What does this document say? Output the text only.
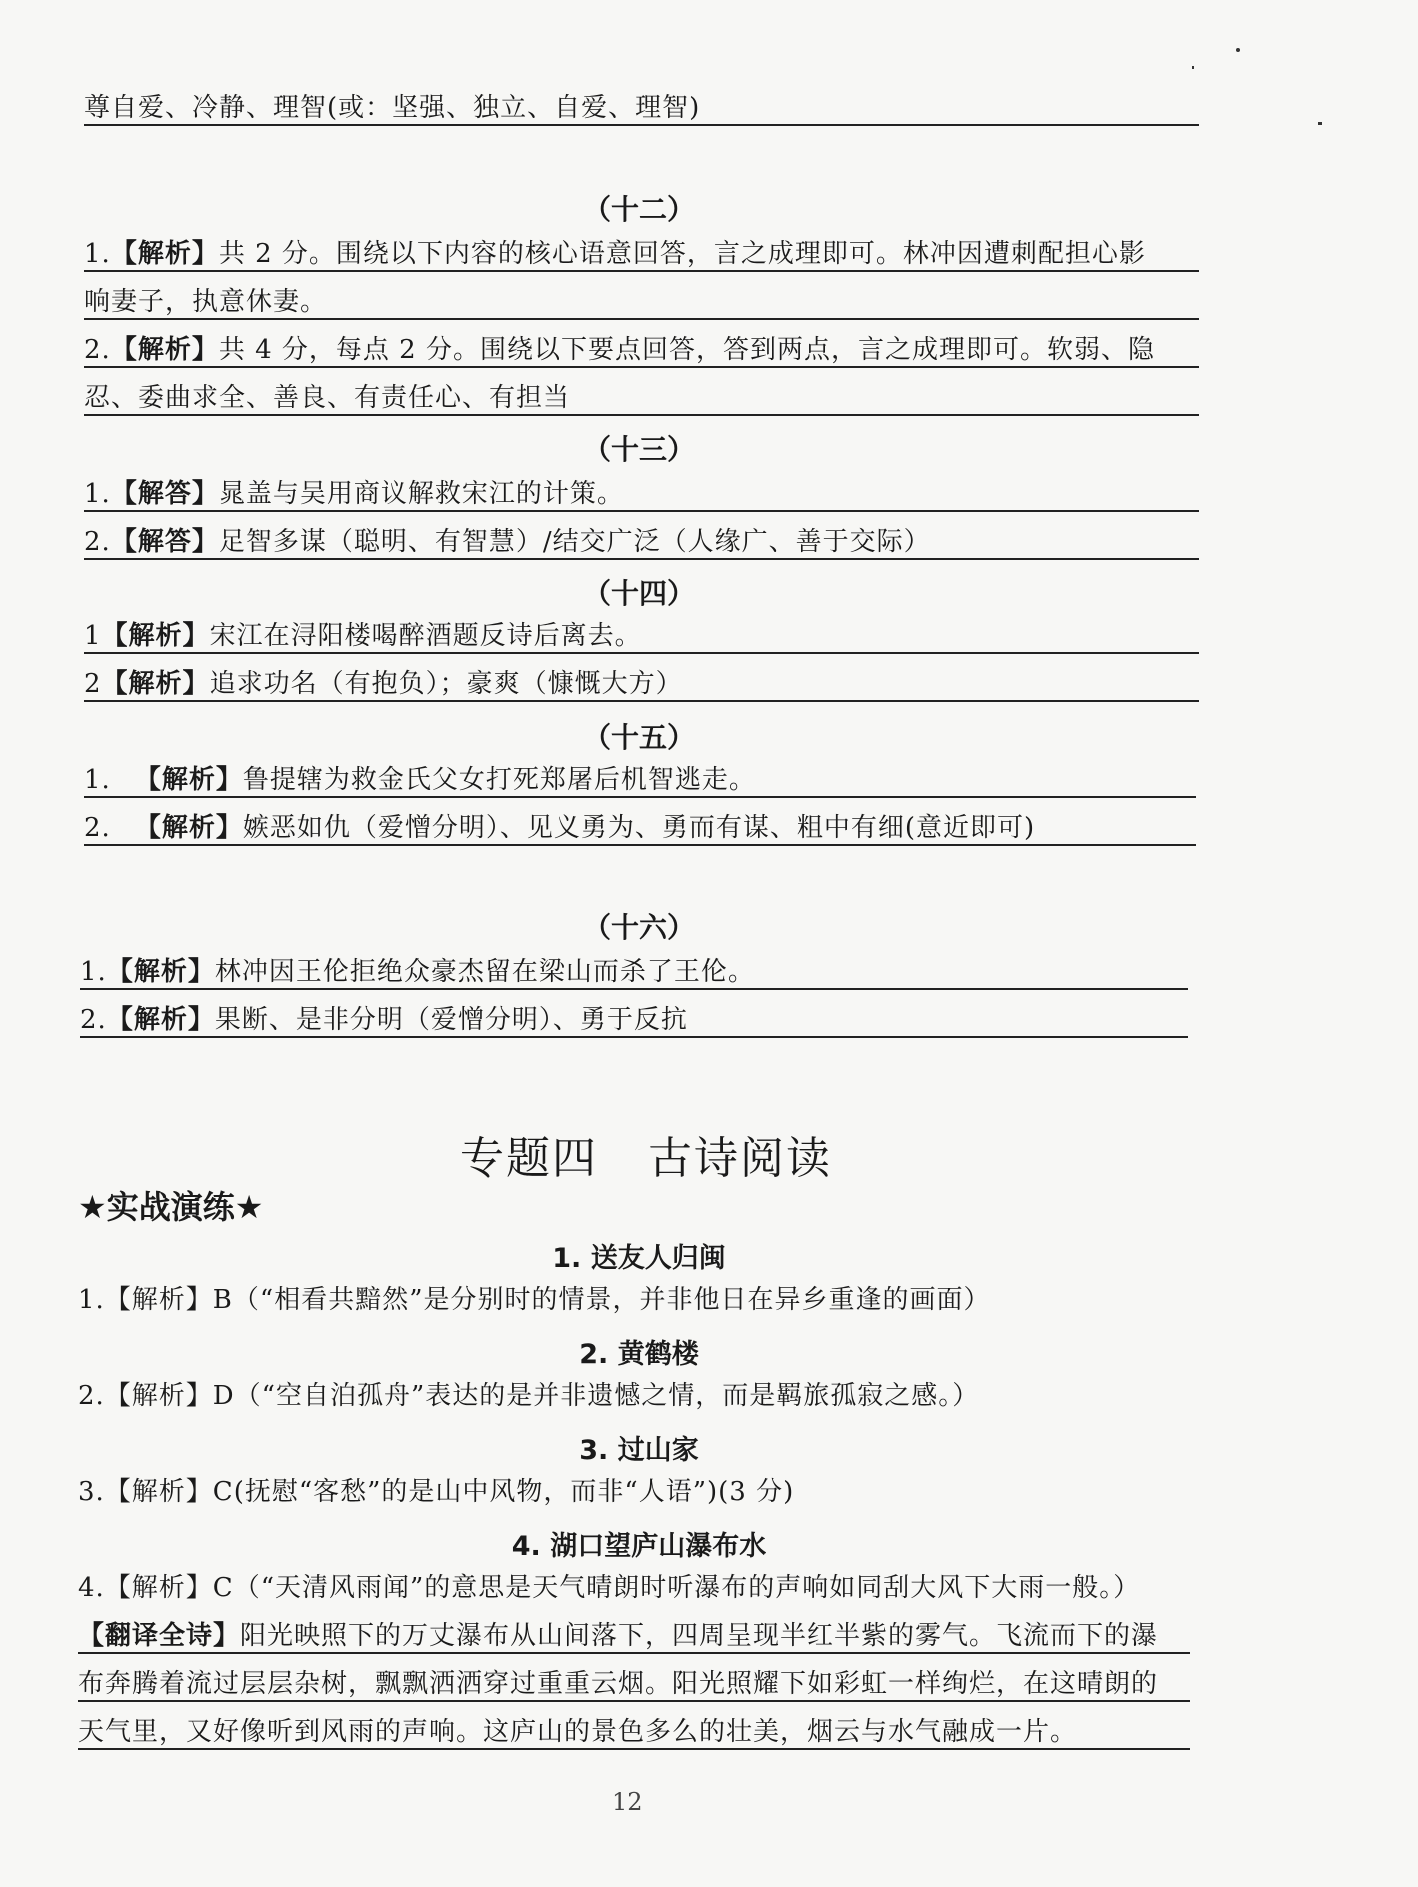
尊自爱、冷静、理智(或：坚强、独立、自爱、理智)
（十二）
1.【解析】共 2 分。围绕以下内容的核心语意回答，言之成理即可。林冲因遭刺配担心影
响妻子，执意休妻。
2.【解析】共 4 分，每点 2 分。围绕以下要点回答，答到两点，言之成理即可。软弱、隐
忍、委曲求全、善良、有责任心、有担当
（十三）
1.【解答】晁盖与吴用商议解救宋江的计策。
2.【解答】足智多谋（聪明、有智慧）/结交广泛（人缘广、善于交际）
（十四）
1【解析】宋江在浔阳楼喝醉酒题反诗后离去。
2【解析】追求功名（有抱负）；豪爽（慷慨大方）
（十五）
1. 【解析】鲁提辖为救金氏父女打死郑屠后机智逃走。
2. 【解析】嫉恶如仇（爱憎分明）、见义勇为、勇而有谋、粗中有细(意近即可)
（十六）
1.【解析】林冲因王伦拒绝众豪杰留在梁山而杀了王伦。
2.【解析】果断、是非分明（爱憎分明）、勇于反抗
专题四 古诗阅读
★实战演练★
1. 送友人归闽
1.【解析】B（“相看共黯然”是分别时的情景，并非他日在异乡重逢的画面）
2. 黄鹤楼
2.【解析】D（“空自泊孤舟”表达的是并非遗憾之情，而是羁旅孤寂之感。）
3. 过山家
3.【解析】C(抚慰“客愁”的是山中风物，而非“人语”)(3 分)
4. 湖口望庐山瀑布水
4.【解析】C（“天清风雨闻”的意思是天气晴朗时听瀑布的声响如同刮大风下大雨一般。）
【翻译全诗】阳光映照下的万丈瀑布从山间落下，四周呈现半红半紫的雾气。飞流而下的瀑
布奔腾着流过层层杂树，飘飘洒洒穿过重重云烟。阳光照耀下如彩虹一样绚烂，在这晴朗的
天气里，又好像听到风雨的声响。这庐山的景色多么的壮美，烟云与水气融成一片。
12
